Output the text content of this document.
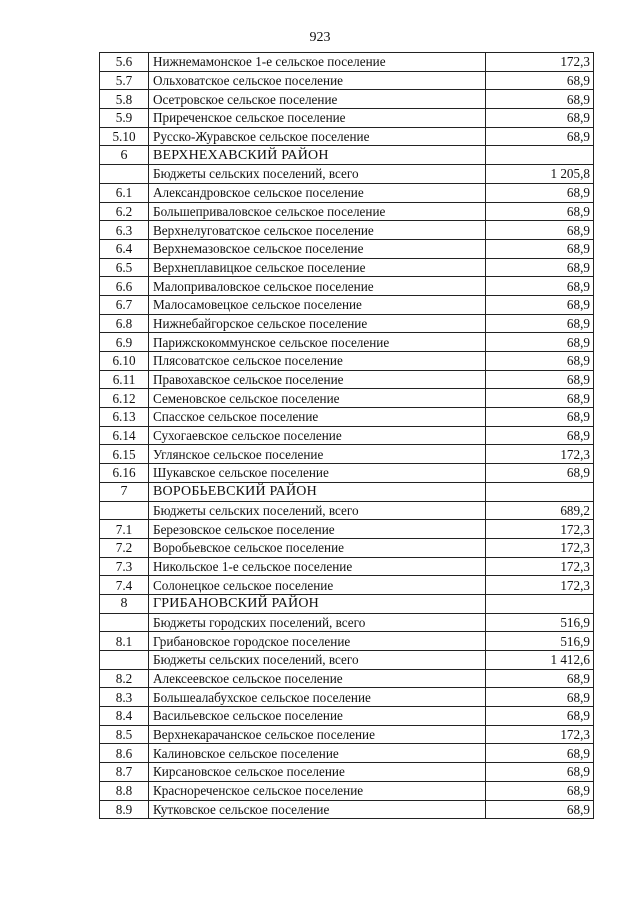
923
5.6	Нижнемамонское 1-е сельское поселение	172,3
5.7	Ольховатское сельское поселение	68,9
5.8	Осетровское сельское поселение	68,9
5.9	Приреченское сельское поселение	68,9
5.10	Русско-Журавское сельское поселение	68,9
6	ВЕРХНЕХАВСКИЙ РАЙОН	
	Бюджеты сельских поселений, всего	1 205,8
6.1	Александровское сельское поселение	68,9
6.2	Большеприваловское сельское поселение	68,9
6.3	Верхнелуговатское сельское поселение	68,9
6.4	Верхнемазовское сельское поселение	68,9
6.5	Верхнеплавицкое сельское поселение	68,9
6.6	Малоприваловское сельское поселение	68,9
6.7	Малосамовецкое сельское поселение	68,9
6.8	Нижнебайгорское сельское поселение	68,9
6.9	Парижскокоммунское сельское поселение	68,9
6.10	Плясоватское сельское поселение	68,9
6.11	Правохавское сельское поселение	68,9
6.12	Семеновское сельское поселение	68,9
6.13	Спасское сельское поселение	68,9
6.14	Сухогаевское сельское поселение	68,9
6.15	Углянское сельское поселение	172,3
6.16	Шукавское сельское поселение	68,9
7	ВОРОБЬЕВСКИЙ РАЙОН	
	Бюджеты сельских поселений, всего	689,2
7.1	Березовское сельское поселение	172,3
7.2	Воробьевское сельское поселение	172,3
7.3	Никольское 1-е сельское поселение	172,3
7.4	Солонецкое сельское поселение	172,3
8	ГРИБАНОВСКИЙ РАЙОН	
	Бюджеты городских поселений, всего	516,9
8.1	Грибановское городское поселение	516,9
	Бюджеты сельских поселений, всего	1 412,6
8.2	Алексеевское сельское поселение	68,9
8.3	Большеалабухское сельское поселение	68,9
8.4	Васильевское сельское поселение	68,9
8.5	Верхнекарачанское сельское поселение	172,3
8.6	Калиновское сельское поселение	68,9
8.7	Кирсановское сельское поселение	68,9
8.8	Краснореченское сельское поселение	68,9
8.9	Кутковское сельское поселение	68,9
